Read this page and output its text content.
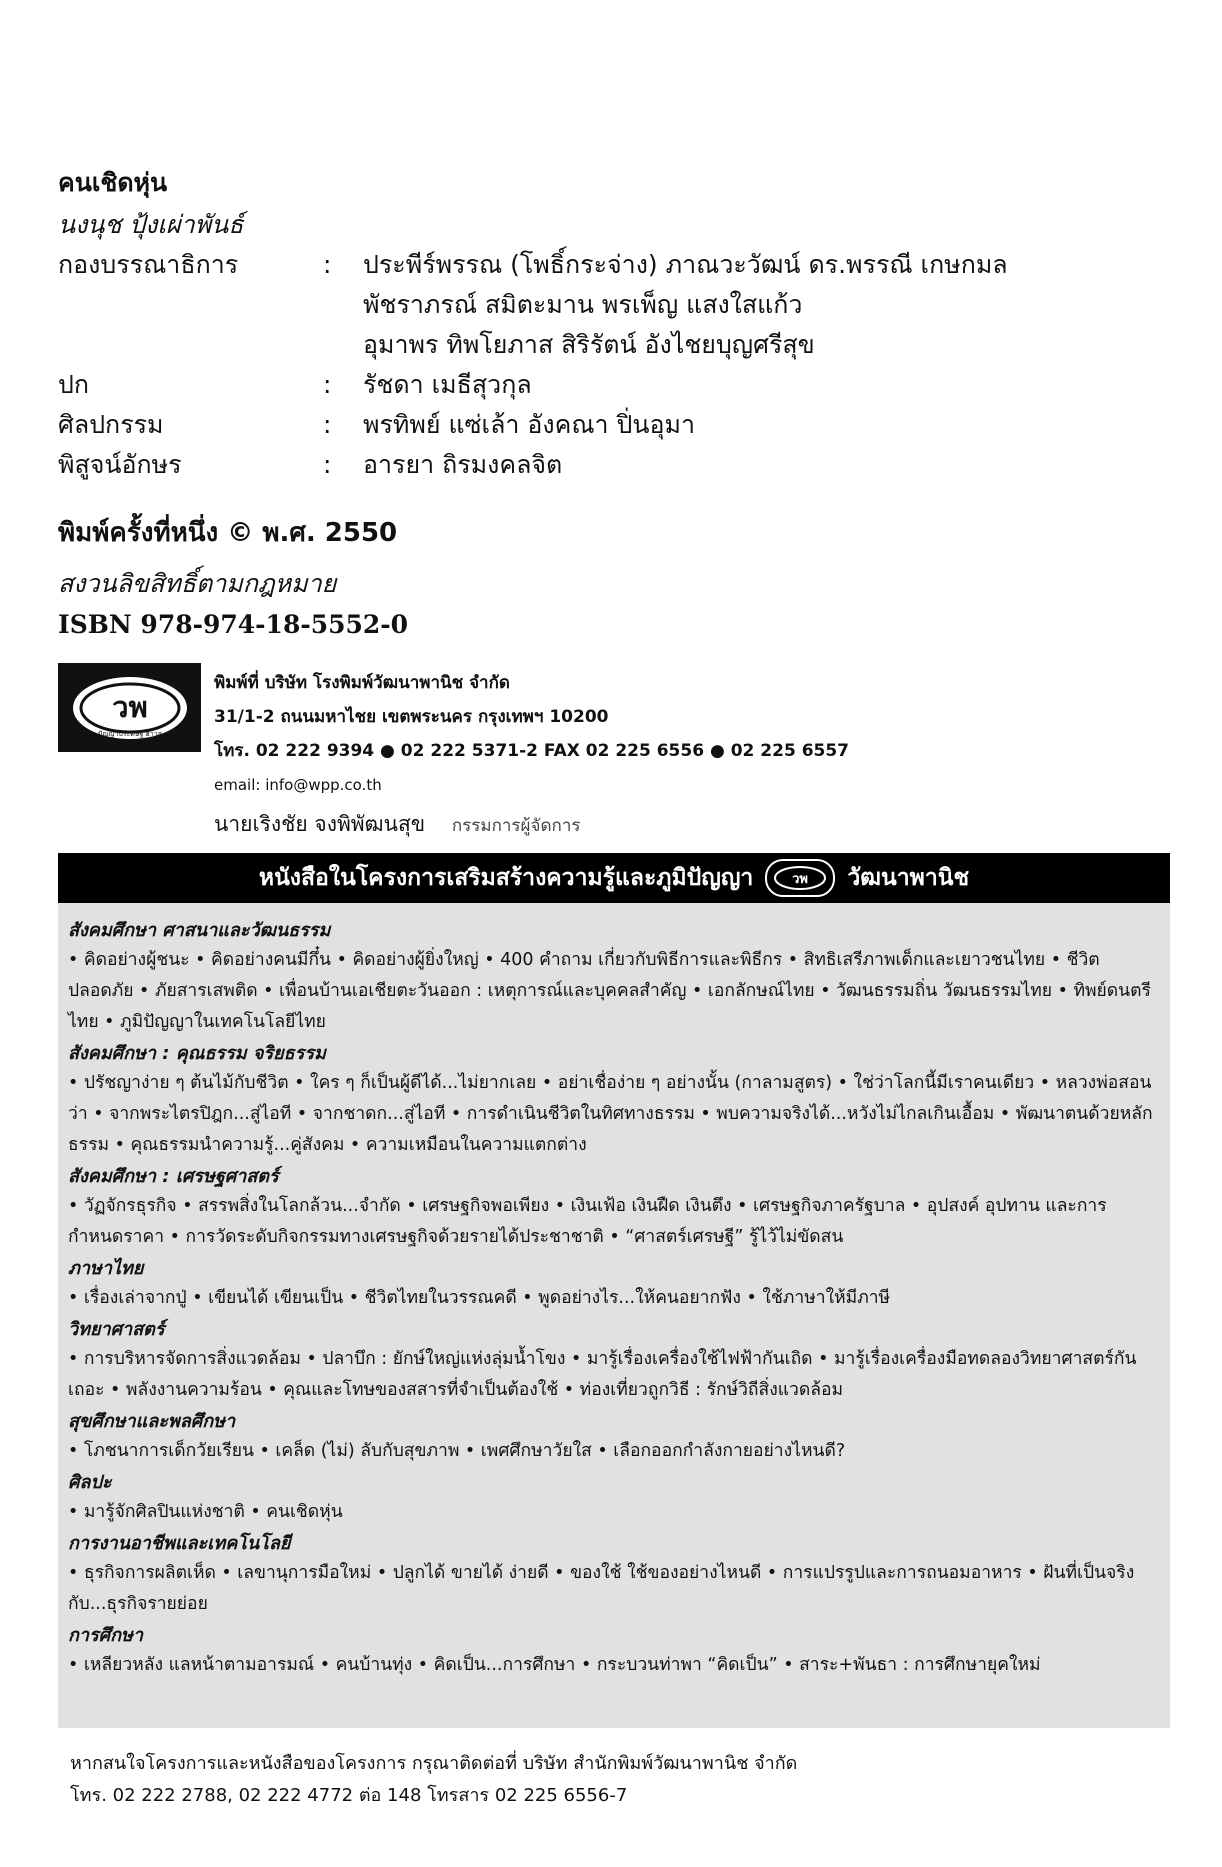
คนเชิดหุ่น
นงนุช ปุ้งเผ่าพันธ์
กองบรรณาธิการ	:	ประพีร์พรรณ (โพธิ์กระจ่าง) ภาณวะวัฒน์ ดร.พรรณี เกษกมล
พัชราภรณ์ สมิตะมาน พรเพ็ญ แสงใสแก้ว
อุมาพร ทิพโยภาส สิริรัตน์ อังไชยบุญศรีสุข
ปก	:	รัชดา เมธีสุวกุล
ศิลปกรรม	:	พรทิพย์ แซ่เล้า อังคณา ปิ่นอุมา
พิสูจน์อักษร	:	อารยา ถิรมงคลจิต
พิมพ์ครั้งที่หนึ่ง © พ.ศ. 2550
สงวนลิขสิทธิ์ตามกฎหมาย
ISBN 978-974-18-5552-0
วพ
ปัญญาประดิษฐ์ ฮาวส
พิมพ์ที่ บริษัท โรงพิมพ์วัฒนาพานิช จำกัด
31/1-2 ถนนมหาไชย เขตพระนคร กรุงเทพฯ 10200
โทร. 02 222 9394 ● 02 222 5371-2 FAX 02 225 6556 ● 02 225 6557
email: info@wpp.co.th
นายเริงชัย จงพิพัฒนสุข กรรมการผู้จัดการ
หนังสือในโครงการเสริมสร้างความรู้และภูมิปัญญา	วพ วัฒนาพานิช
สังคมศึกษา ศาสนาและวัฒนธรรม
• คิดอย่างผู้ชนะ • คิดอย่างคนมีกึ๋น • คิดอย่างผู้ยิ่งใหญ่ • 400 คำถาม เกี่ยวกับพิธีการและพิธีกร • สิทธิเสรีภาพเด็กและเยาวชนไทย • ชีวิตปลอดภัย • ภัยสารเสพติด • เพื่อนบ้านเอเชียตะวันออก : เหตุการณ์และบุคคลสำคัญ • เอกลักษณ์ไทย • วัฒนธรรมถิ่น วัฒนธรรมไทย • ทิพย์ดนตรีไทย • ภูมิปัญญาในเทคโนโลยีไทย
สังคมศึกษา : คุณธรรม จริยธรรม
• ปรัชญาง่าย ๆ ต้นไม้กับชีวิต • ใคร ๆ ก็เป็นผู้ดีได้...ไม่ยากเลย • อย่าเชื่อง่าย ๆ อย่างนั้น (กาลามสูตร) • ใช่ว่าโลกนี้มีเราคนเดียว • หลวงพ่อสอนว่า • จากพระไตรปิฎก...สู่ไอที • จากชาดก...สู่ไอที • การดำเนินชีวิตในทิศทางธรรม • พบความจริงได้...หวังไม่ไกลเกินเอื้อม • พัฒนาตนด้วยหลักธรรม • คุณธรรมนำความรู้...คู่สังคม • ความเหมือนในความแตกต่าง
สังคมศึกษา : เศรษฐศาสตร์
• วัฏจักรธุรกิจ • สรรพสิ่งในโลกล้วน...จำกัด • เศรษฐกิจพอเพียง • เงินเฟ้อ เงินฝืด เงินตึง • เศรษฐกิจภาครัฐบาล • อุปสงค์ อุปทาน และการกำหนดราคา • การวัดระดับกิจกรรมทางเศรษฐกิจด้วยรายได้ประชาชาติ • “ศาสตร์เศรษฐี” รู้ไว้ไม่ขัดสน
ภาษาไทย
• เรื่องเล่าจากปู่ • เขียนได้ เขียนเป็น • ชีวิตไทยในวรรณคดี • พูดอย่างไร...ให้คนอยากฟัง • ใช้ภาษาให้มีภาษี
วิทยาศาสตร์
• การบริหารจัดการสิ่งแวดล้อม • ปลาบึก : ยักษ์ใหญ่แห่งลุ่มน้ำโขง • มารู้เรื่องเครื่องใช้ไฟฟ้ากันเถิด • มารู้เรื่องเครื่องมือทดลองวิทยาศาสตร์กันเถอะ • พลังงานความร้อน • คุณและโทษของสสารที่จำเป็นต้องใช้ • ท่องเที่ยวถูกวิธี : รักษ์วิถีสิ่งแวดล้อม
สุขศึกษาและพลศึกษา
• โภชนาการเด็กวัยเรียน • เคล็ด (ไม่) ลับกับสุขภาพ • เพศศึกษาวัยใส • เลือกออกกำลังกายอย่างไหนดี?
ศิลปะ
• มารู้จักศิลปินแห่งชาติ • คนเชิดหุ่น
การงานอาชีพและเทคโนโลยี
• ธุรกิจการผลิตเห็ด • เลขานุการมือใหม่ • ปลูกได้ ขายได้ ง่ายดี • ของใช้ ใช้ของอย่างไหนดี • การแปรรูปและการถนอมอาหาร • ฝันที่เป็นจริงกับ...ธุรกิจรายย่อย
การศึกษา
• เหลียวหลัง แลหน้าตามอารมณ์ • คนบ้านทุ่ง • คิดเป็น...การศึกษา • กระบวนท่าพา “คิดเป็น” • สาระ+พันธา : การศึกษายุคใหม่
หากสนใจโครงการและหนังสือของโครงการ กรุณาติดต่อที่ บริษัท สำนักพิมพ์วัฒนาพานิช จำกัด
โทร. 02 222 2788, 02 222 4772 ต่อ 148 โทรสาร 02 225 6556-7
